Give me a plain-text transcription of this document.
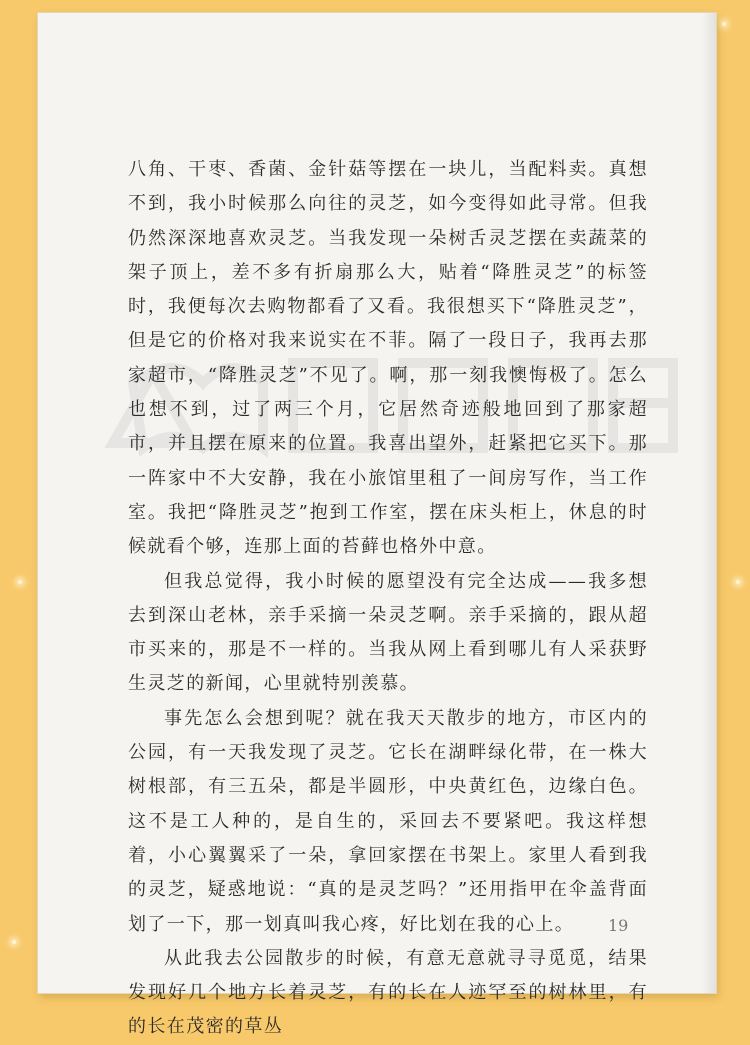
八角、干枣、香菌、金针菇等摆在一块儿，当配料卖。真想不到，我小时候那么向往的灵芝，如今变得如此寻常。但我仍然深深地喜欢灵芝。当我发现一朵树舌灵芝摆在卖蔬菜的架子顶上，差不多有折扇那么大，贴着“降胜灵芝”的标签时，我便每次去购物都看了又看。我很想买下“降胜灵芝”，但是它的价格对我来说实在不菲。隔了一段日子，我再去那家超市，“降胜灵芝”不见了。啊，那一刻我懊悔极了。怎么也想不到，过了两三个月，它居然奇迹般地回到了那家超市，并且摆在原来的位置。我喜出望外，赶紧把它买下。那一阵家中不大安静，我在小旅馆里租了一间房写作，当工作室。我把“降胜灵芝”抱到工作室，摆在床头柜上，休息的时候就看个够，连那上面的苔藓也格外中意。

但我总觉得，我小时候的愿望没有完全达成——我多想去到深山老林，亲手采摘一朵灵芝啊。亲手采摘的，跟从超市买来的，那是不一样的。当我从网上看到哪儿有人采获野生灵芝的新闻，心里就特别羡慕。

事先怎么会想到呢？就在我天天散步的地方，市区内的公园，有一天我发现了灵芝。它长在湖畔绿化带，在一株大树根部，有三五朵，都是半圆形，中央黄红色，边缘白色。这不是工人种的，是自生的，采回去不要紧吧。我这样想着，小心翼翼采了一朵，拿回家摆在书架上。家里人看到我的灵芝，疑惑地说：“真的是灵芝吗？”还用指甲在伞盖背面划了一下，那一划真叫我心疼，好比划在我的心上。

从此我去公园散步的时候，有意无意就寻寻觅觅，结果发现好几个地方长着灵芝，有的长在人迹罕至的树林里，有的长在茂密的草丛

19
